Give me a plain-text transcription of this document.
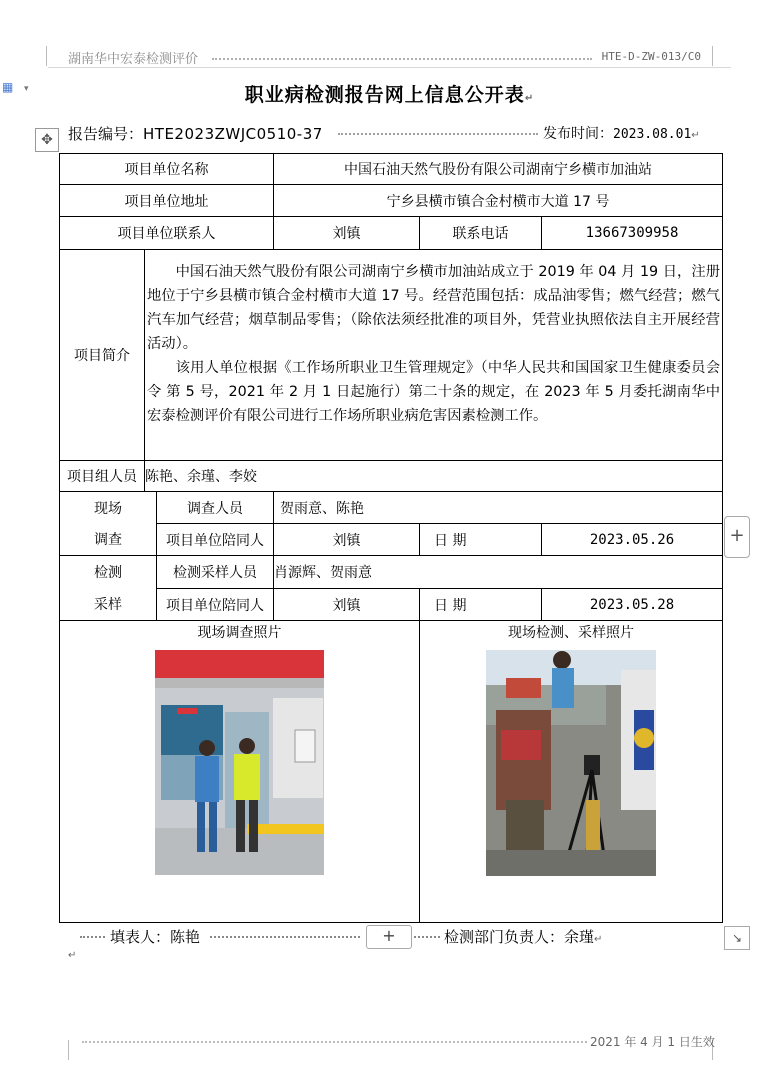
湖南华中宏泰检测评价	HTE-D-ZW-013/C0
▦ ▾
✥
职业病检测报告网上信息公开表↵
报告编号：HTE2023ZWJC0510-37	发布时间：2023.08.01↵
项目单位名称			中国石油天然气股份有限公司湖南宁乡横市加油站		
项目单位地址			宁乡县横市镇合金村横市大道 17 号		
项目单位联系人			刘镇	联系电话	13667309958
项目简介	中国石油天然气股份有限公司湖南宁乡横市加油站成立于 2019 年 04 月 19 日，注册地位于宁乡县横市镇合金村横市大道 17 号。经营范围包括：成品油零售；燃气经营；燃气汽车加气经营；烟草制品零售；（除依法须经批准的项目外，凭营业执照依法自主开展经营活动）。

该用人单位根据《工作场所职业卫生管理规定》（中华人民共和国国家卫生健康委员会令 第 5 号，2021 年 2 月 1 日起施行）第二十条的规定，在 2023 年 5 月委托湖南华中宏泰检测评价有限公司进行工作场所职业病危害因素检测工作。				

项目组人员	陈艳、余瑾、李姣				
现场		调查人员	贺雨意、陈艳		
调查		项目单位陪同人	刘镇	日 期	2023.05.26
检测		检测采样人员	肖源辉、贺雨意		
采样		项目单位陪同人	刘镇	日 期	2023.05.28

现场调查照片				现场检测、采样照片	
填表人：陈艳	检测部门负责人：余瑾↵
↵
+
+	↘
2021 年 4 月 1 日生效
